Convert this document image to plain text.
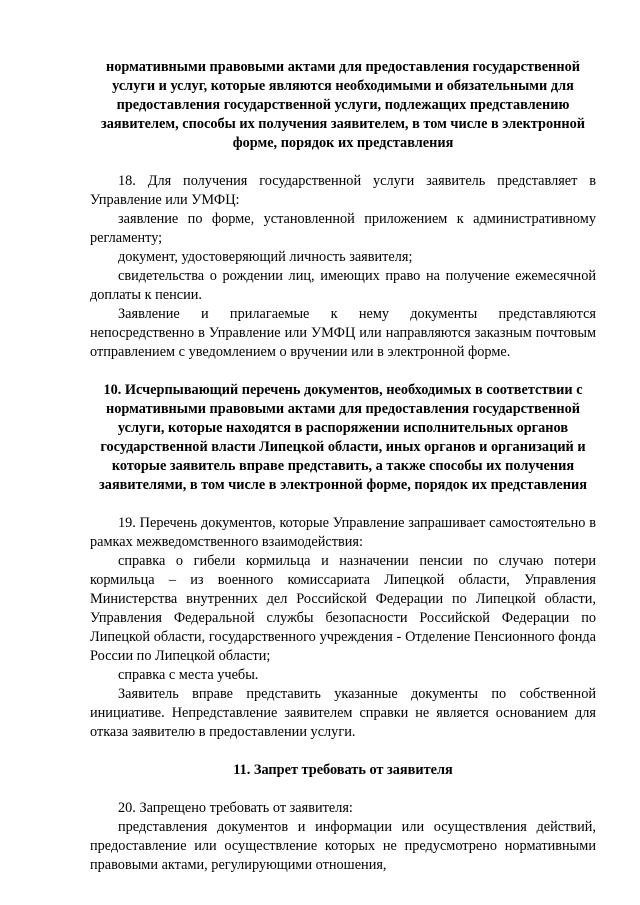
нормативными правовыми актами для предоставления государственной услуги и услуг, которые являются необходимыми и обязательными для предоставления государственной услуги, подлежащих представлению заявителем, способы их получения заявителем, в том числе в электронной форме, порядок их представления

18. Для получения государственной услуги заявитель представляет в Управление или УМФЦ:

заявление по форме, установленной приложением к административному регламенту;

документ, удостоверяющий личность заявителя;

свидетельства о рождении лиц, имеющих право на получение ежемесячной доплаты к пенсии.

Заявление и прилагаемые к нему документы представляются непосредственно в Управление или УМФЦ или направляются заказным почтовым отправлением с уведомлением о вручении или в электронной форме.

10. Исчерпывающий перечень документов, необходимых в соответствии с нормативными правовыми актами для предоставления государственной услуги, которые находятся в распоряжении исполнительных органов государственной власти Липецкой области, иных органов и организаций и которые заявитель вправе представить, а также способы их получения заявителями, в том числе в электронной форме, порядок их представления

19. Перечень документов, которые Управление запрашивает самостоятельно в рамках межведомственного взаимодействия:

справка о гибели кормильца и назначении пенсии по случаю потери кормильца – из военного комиссариата Липецкой области, Управления Министерства внутренних дел Российской Федерации по Липецкой области, Управления Федеральной службы безопасности Российской Федерации по Липецкой области, государственного учреждения - Отделение Пенсионного фонда России по Липецкой области;

справка с места учебы.

Заявитель вправе представить указанные документы по собственной инициативе. Непредставление заявителем справки не является основанием для отказа заявителю в предоставлении услуги.

11. Запрет требовать от заявителя

20. Запрещено требовать от заявителя:

представления документов и информации или осуществления действий, предоставление или осуществление которых не предусмотрено нормативными правовыми актами, регулирующими отношения,
